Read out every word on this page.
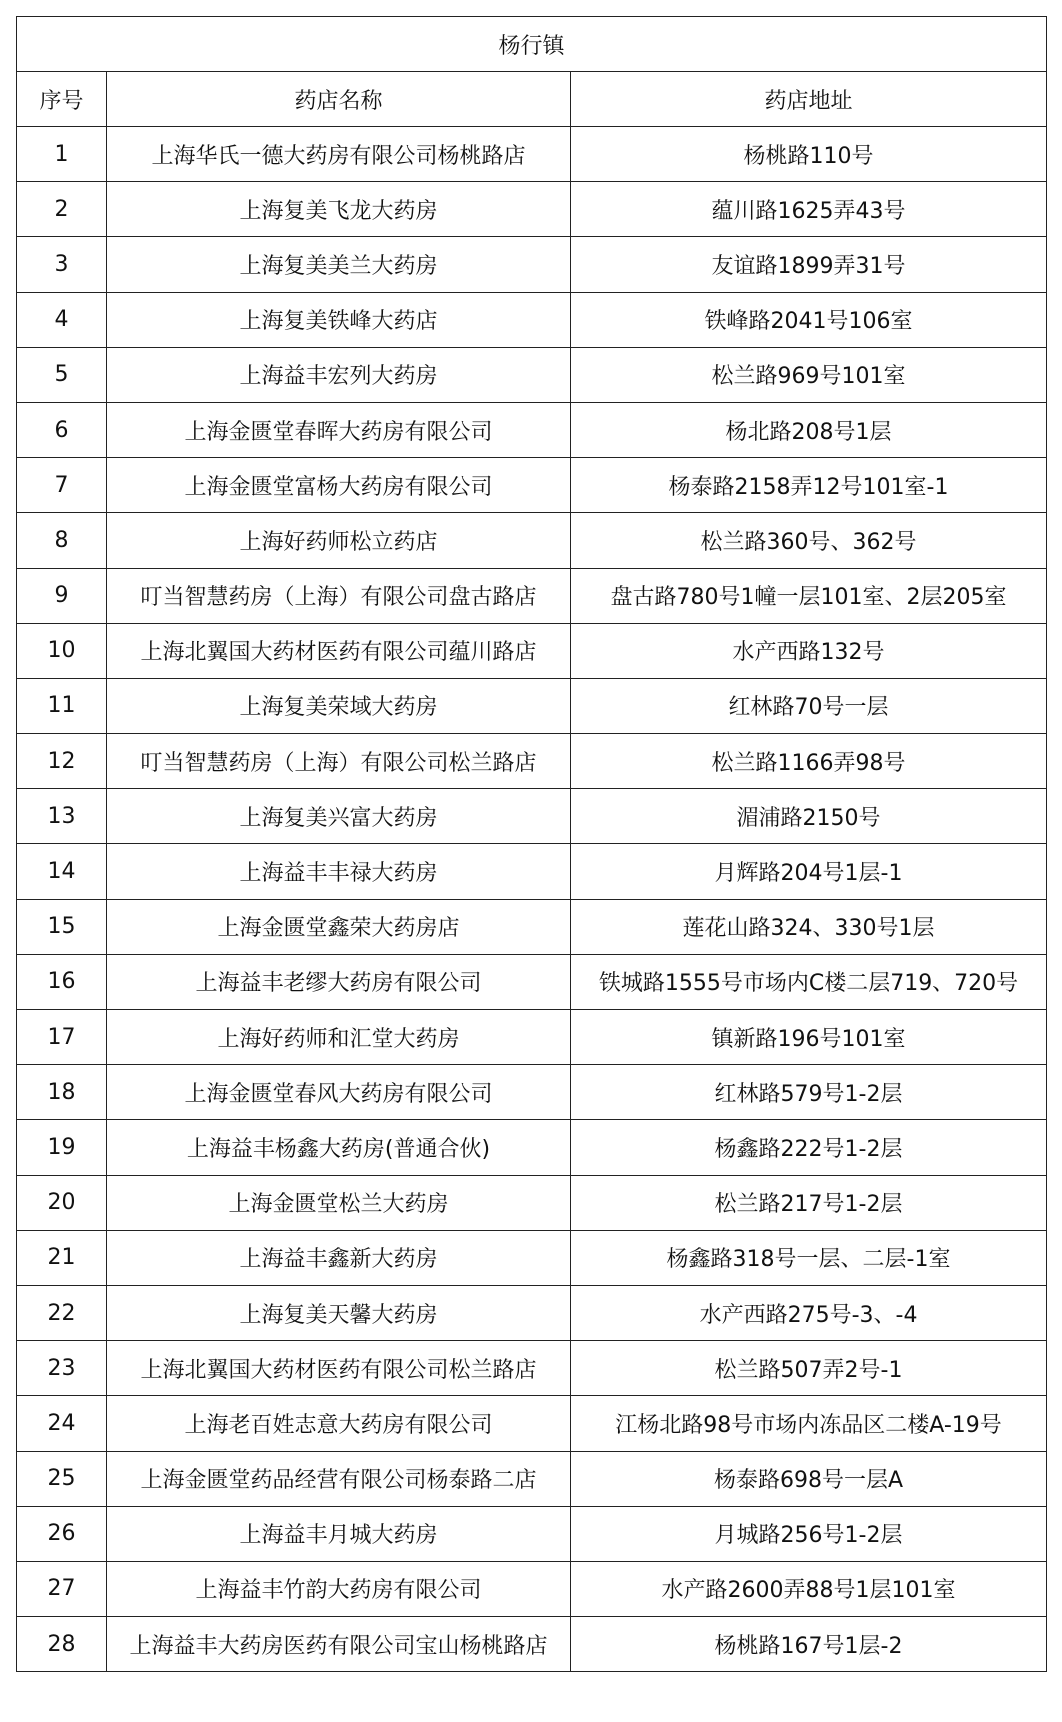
杨行镇		
序号	药店名称	药店地址
1	上海华氏一德大药房有限公司杨桃路店	杨桃路110号
2	上海复美飞龙大药房	蕴川路1625弄43号
3	上海复美美兰大药房	友谊路1899弄31号
4	上海复美铁峰大药店	铁峰路2041号106室
5	上海益丰宏列大药房	松兰路969号101室
6	上海金匮堂春晖大药房有限公司	杨北路208号1层
7	上海金匮堂富杨大药房有限公司	杨泰路2158弄12号101室-1
8	上海好药师松立药店	松兰路360号、362号
9	叮当智慧药房（上海）有限公司盘古路店	盘古路780号1幢一层101室、2层205室
10	上海北翼国大药材医药有限公司蕴川路店	水产西路132号
11	上海复美荣域大药房	红林路70号一层
12	叮当智慧药房（上海）有限公司松兰路店	松兰路1166弄98号
13	上海复美兴富大药房	湄浦路2150号
14	上海益丰丰禄大药房	月辉路204号1层-1
15	上海金匮堂鑫荣大药房店	莲花山路324、330号1层
16	上海益丰老缪大药房有限公司	铁城路1555号市场内C楼二层719、720号
17	上海好药师和汇堂大药房	镇新路196号101室
18	上海金匮堂春风大药房有限公司	红林路579号1-2层
19	上海益丰杨鑫大药房(普通合伙)	杨鑫路222号1-2层
20	上海金匮堂松兰大药房	松兰路217号1-2层
21	上海益丰鑫新大药房	杨鑫路318号一层、二层-1室
22	上海复美天馨大药房	水产西路275号-3、-4
23	上海北翼国大药材医药有限公司松兰路店	松兰路507弄2号-1
24	上海老百姓志意大药房有限公司	江杨北路98号市场内冻品区二楼A-19号
25	上海金匮堂药品经营有限公司杨泰路二店	杨泰路698号一层A
26	上海益丰月城大药房	月城路256号1-2层
27	上海益丰竹韵大药房有限公司	水产路2600弄88号1层101室
28	上海益丰大药房医药有限公司宝山杨桃路店	杨桃路167号1层-2
